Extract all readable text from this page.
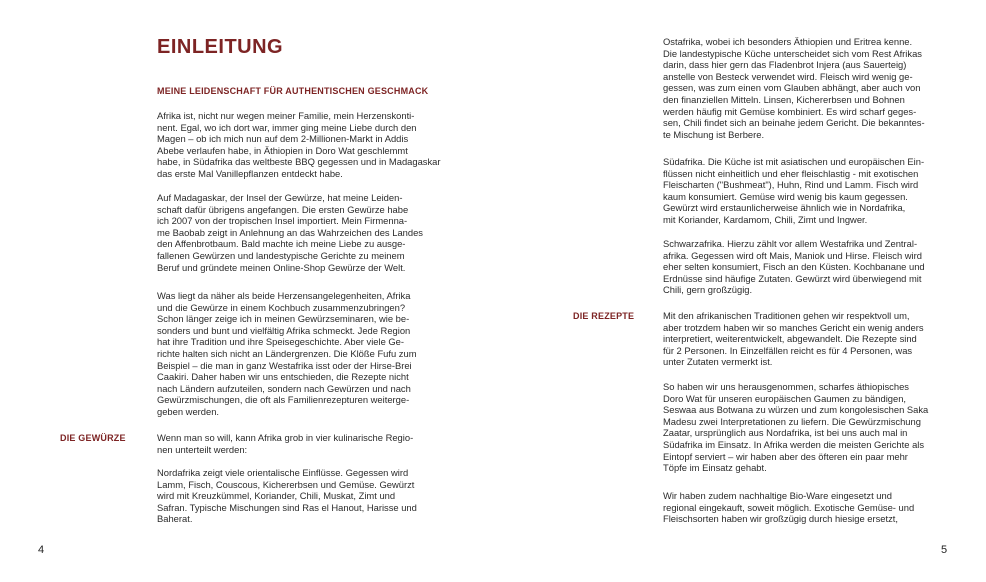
EINLEITUNG
MEINE LEIDENSCHAFT FÜR AUTHENTISCHEN GESCHMACK

Afrika ist, nicht nur wegen meiner Familie, mein Herzenskonti-
nent. Egal, wo ich dort war, immer ging meine Liebe durch den
Magen – ob ich mich nun auf dem 2-Millionen-Markt in Addis
Abebe verlaufen habe, in Äthiopien in Doro Wat geschlemmt
habe, in Südafrika das weltbeste BBQ gegessen und in Madagaskar
das erste Mal Vanillepflanzen entdeckt habe.

Auf Madagaskar, der Insel der Gewürze, hat meine Leiden-
schaft dafür übrigens angefangen. Die ersten Gewürze habe
ich 2007 von der tropischen Insel importiert. Mein Firmenna-
me Baobab zeigt in Anlehnung an das Wahrzeichen des Landes
den Affenbrotbaum. Bald machte ich meine Liebe zu ausge-
fallenen Gewürzen und landestypische Gerichte zu meinem
Beruf und gründete meinen Online-Shop Gewürze der Welt.

Was liegt da näher als beide Herzensangelegenheiten, Afrika
und die Gewürze in einem Kochbuch zusammenzubringen?
Schon länger zeige ich in meinen Gewürzseminaren, wie be-
sonders und bunt und vielfältig Afrika schmeckt. Jede Region
hat ihre Tradition und ihre Speisegeschichte. Aber viele Ge-
richte halten sich nicht an Ländergrenzen. Die Klöße Fufu zum
Beispiel – die man in ganz Westafrika isst oder der Hirse-Brei
Caakiri. Daher haben wir uns entschieden, die Rezepte nicht
nach Ländern aufzuteilen, sondern nach Gewürzen und nach
Gewürzmischungen, die oft als Familienrezepturen weiterge-
geben werden.

DIE GEWÜRZE	Wenn man so will, kann Afrika grob in vier kulinarische Regio-
nen unterteilt werden:

Nordafrika zeigt viele orientalische Einflüsse. Gegessen wird
Lamm, Fisch, Couscous, Kichererbsen und Gemüse. Gewürzt
wird mit Kreuzkümmel, Koriander, Chili, Muskat, Zimt und
Safran. Typische Mischungen sind Ras el Hanout, Harisse und
Baherat.

4

Ostafrika, wobei ich besonders Äthiopien und Eritrea kenne.
Die landestypische Küche unterscheidet sich vom Rest Afrikas
darin, dass hier gern das Fladenbrot Injera (aus Sauerteig)
anstelle von Besteck verwendet wird. Fleisch wird wenig ge-
gessen, was zum einen vom Glauben abhängt, aber auch von
den finanziellen Mitteln. Linsen, Kichererbsen und Bohnen
werden häufig mit Gemüse kombiniert. Es wird scharf geges-
sen, Chili findet sich an beinahe jedem Gericht. Die bekanntes-
te Mischung ist Berbere.

Südafrika. Die Küche ist mit asiatischen und europäischen Ein-
flüssen nicht einheitlich und eher fleischlastig - mit exotischen
Fleischarten ("Bushmeat"), Huhn, Rind und Lamm. Fisch wird
kaum konsumiert. Gemüse wird wenig bis kaum gegessen.
Gewürzt wird erstaunlicherweise ähnlich wie in Nordafrika,
mit Koriander, Kardamom, Chili, Zimt und Ingwer.

Schwarzafrika. Hierzu zählt vor allem Westafrika und Zentral-
afrika. Gegessen wird oft Mais, Maniok und Hirse. Fleisch wird
eher selten konsumiert, Fisch an den Küsten. Kochbanane und
Erdnüsse sind häufige Zutaten. Gewürzt wird überwiegend mit
Chili, gern großzügig.

DIE REZEPTE	Mit den afrikanischen Traditionen gehen wir respektvoll um,
aber trotzdem haben wir so manches Gericht ein wenig anders
interpretiert, weiterentwickelt, abgewandelt. Die Rezepte sind
für 2 Personen. In Einzelfällen reicht es für 4 Personen, was
unter Zutaten vermerkt ist.

So haben wir uns herausgenommen, scharfes äthiopisches
Doro Wat für unseren europäischen Gaumen zu bändigen,
Seswaa aus Botwana zu würzen und zum kongolesischen Saka
Madesu zwei Interpretationen zu liefern. Die Gewürzmischung
Zaatar, ursprünglich aus Nordafrika, ist bei uns auch mal in
Südafrika im Einsatz. In Afrika werden die meisten Gerichte als
Eintopf serviert – wir haben aber des öfteren ein paar mehr
Töpfe im Einsatz gehabt.

Wir haben zudem nachhaltige Bio-Ware eingesetzt und
regional eingekauft, soweit möglich. Exotische Gemüse- und
Fleischsorten haben wir großzügig durch hiesige ersetzt,

5
